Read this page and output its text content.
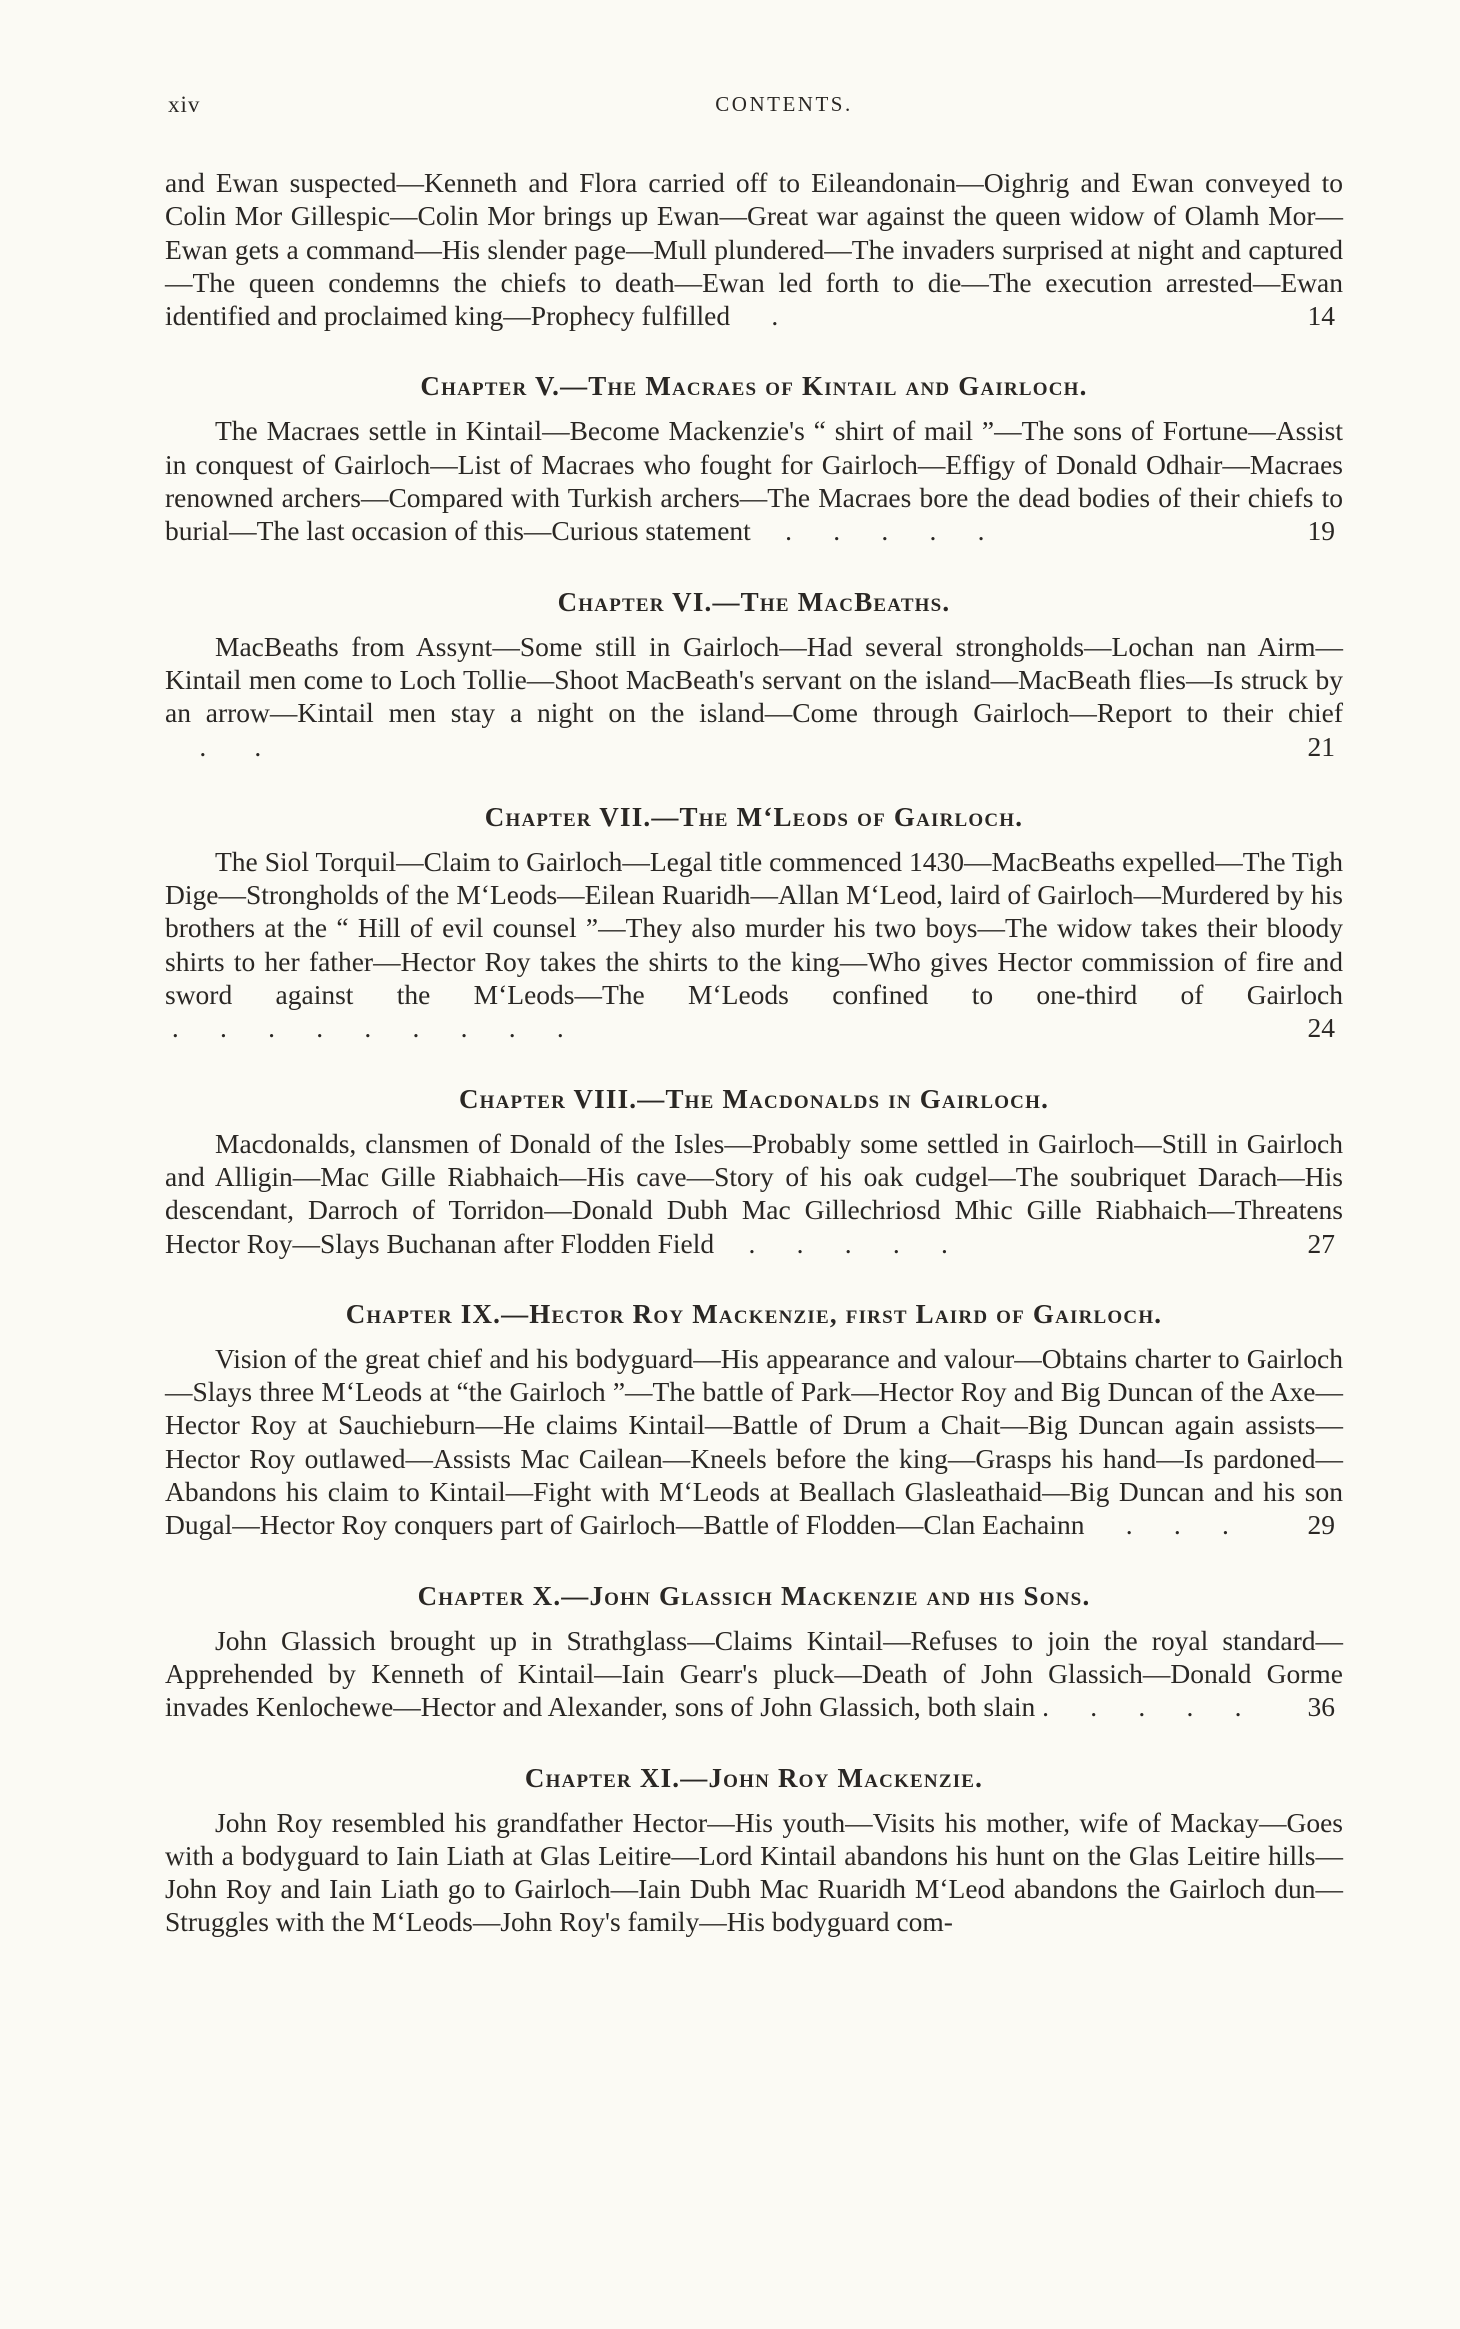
xiv	CONTENTS.

and Ewan suspected—Kenneth and Flora carried off to Eileandonain—Oighrig and Ewan conveyed to Colin Mor Gillespic—Colin Mor brings up Ewan—Great war against the queen widow of Olamh Mor—Ewan gets a command—His slender page—Mull plundered—The invaders surprised at night and captured—The queen condemns the chiefs to death—Ewan led forth to die—The execution arrested—Ewan identified and proclaimed king—Prophecy fulfilled      .	14

Chapter V.—The Macraes of Kintail and Gairloch.

The Macraes settle in Kintail—Become Mackenzie's “ shirt of mail ”—The sons of Fortune—Assist in conquest of Gairloch—List of Macraes who fought for Gairloch—Effigy of Donald Odhair—Macraes renowned archers—Compared with Turkish archers—The Macraes bore the dead bodies of their chiefs to burial—The last occasion of this—Curious statement     .      .      .      .      .	19

Chapter VI.—The MacBeaths.

MacBeaths from Assynt—Some still in Gairloch—Had several strongholds—Lochan nan Airm—Kintail men come to Loch Tollie—Shoot MacBeath's servant on the island—MacBeath flies—Is struck by an arrow—Kintail men stay a night on the island—Come through Gairloch—Report to their chief     .       .	21

Chapter VII.—The M‘Leods of Gairloch.

The Siol Torquil—Claim to Gairloch—Legal title commenced 1430—MacBeaths expelled—The Tigh Dige—Strongholds of the M‘Leods—Eilean Ruaridh—Allan M‘Leod, laird of Gairloch—Murdered by his brothers at the “ Hill of evil counsel ”—They also murder his two boys—The widow takes their bloody shirts to her father—Hector Roy takes the shirts to the king—Who gives Hector commission of fire and sword against the M‘Leods—The M‘Leods confined to one-third of Gairloch .      .      .      .      .      .      .      .      .	24

Chapter VIII.—The Macdonalds in Gairloch.

Macdonalds, clansmen of Donald of the Isles—Probably some settled in Gairloch—Still in Gairloch and Alligin—Mac Gille Riabhaich—His cave—Story of his oak cudgel—The soubriquet Darach—His descendant, Darroch of Torridon—Donald Dubh Mac Gillechriosd Mhic Gille Riabhaich—Threatens Hector Roy—Slays Buchanan after Flodden Field     .      .      .      .      .	27

Chapter IX.—Hector Roy Mackenzie, first Laird of Gairloch.

Vision of the great chief and his bodyguard—His appearance and valour—Obtains charter to Gairloch—Slays three M‘Leods at “the Gairloch ”—The battle of Park—Hector Roy and Big Duncan of the Axe—Hector Roy at Sauchieburn—He claims Kintail—Battle of Drum a Chait—Big Duncan again assists—Hector Roy outlawed—Assists Mac Cailean—Kneels before the king—Grasps his hand—Is pardoned—Abandons his claim to Kintail—Fight with M‘Leods at Beallach Glasleathaid—Big Duncan and his son Dugal—Hector Roy conquers part of Gairloch—Battle of Flodden—Clan Eachainn      .      .      .	29

Chapter X.—John Glassich Mackenzie and his Sons.

John Glassich brought up in Strathglass—Claims Kintail—Refuses to join the royal standard—Apprehended by Kenneth of Kintail—Iain Gearr's pluck—Death of John Glassich—Donald Gorme invades Kenlochewe—Hector and Alexander, sons of John Glassich, both slain .      .      .      .      .	36

Chapter XI.—John Roy Mackenzie.

John Roy resembled his grandfather Hector—His youth—Visits his mother, wife of Mackay—Goes with a bodyguard to Iain Liath at Glas Leitire—Lord Kintail abandons his hunt on the Glas Leitire hills—John Roy and Iain Liath go to Gairloch—Iain Dubh Mac Ruaridh M‘Leod abandons the Gairloch dun—Struggles with the M‘Leods—John Roy's family—His bodyguard com-
